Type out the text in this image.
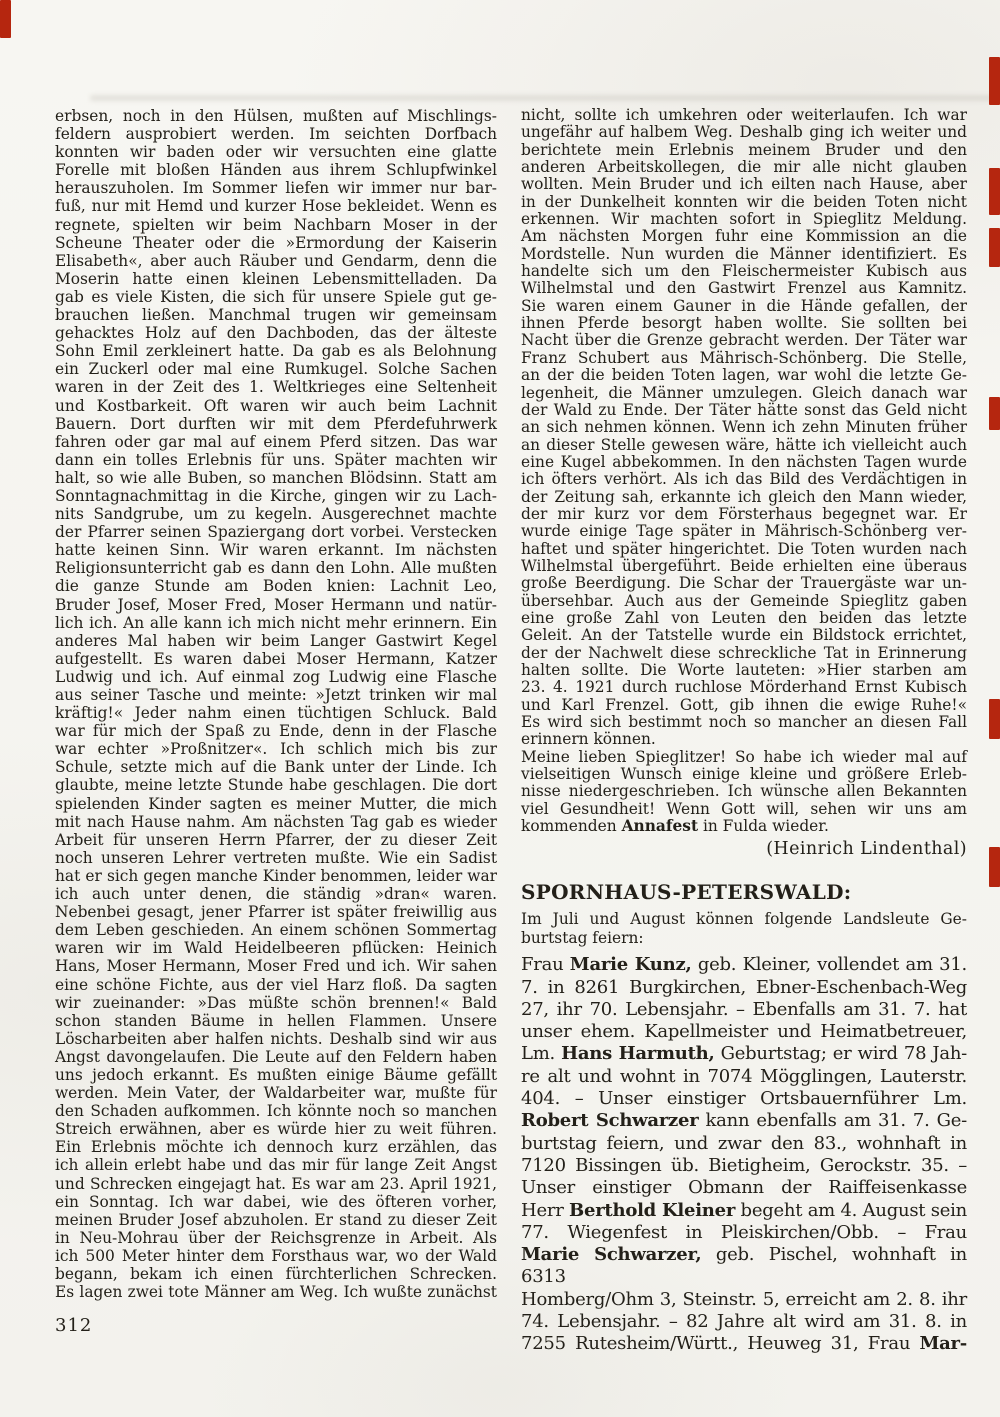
erbsen, noch in den Hülsen, mußten auf Mischlings-
feldern ausprobiert werden. Im seichten Dorfbach
konnten wir baden oder wir versuchten eine glatte
Forelle mit bloßen Händen aus ihrem Schlupfwinkel
herauszuholen. Im Sommer liefen wir immer nur bar-
fuß, nur mit Hemd und kurzer Hose bekleidet. Wenn es
regnete, spielten wir beim Nachbarn Moser in der
Scheune Theater oder die »Ermordung der Kaiserin
Elisabeth«, aber auch Räuber und Gendarm, denn die
Moserin hatte einen kleinen Lebensmittelladen. Da
gab es viele Kisten, die sich für unsere Spiele gut ge-
brauchen ließen. Manchmal trugen wir gemeinsam
gehacktes Holz auf den Dachboden, das der älteste
Sohn Emil zerkleinert hatte. Da gab es als Belohnung
ein Zuckerl oder mal eine Rumkugel. Solche Sachen
waren in der Zeit des 1. Weltkrieges eine Seltenheit
und Kostbarkeit. Oft waren wir auch beim Lachnit
Bauern. Dort durften wir mit dem Pferdefuhrwerk
fahren oder gar mal auf einem Pferd sitzen. Das war
dann ein tolles Erlebnis für uns. Später machten wir
halt, so wie alle Buben, so manchen Blödsinn. Statt am
Sonntagnachmittag in die Kirche, gingen wir zu Lach-
nits Sandgrube, um zu kegeln. Ausgerechnet machte
der Pfarrer seinen Spaziergang dort vorbei. Verstecken
hatte keinen Sinn. Wir waren erkannt. Im nächsten
Religionsunterricht gab es dann den Lohn. Alle mußten
die ganze Stunde am Boden knien: Lachnit Leo,
Bruder Josef, Moser Fred, Moser Hermann und natür-
lich ich. An alle kann ich mich nicht mehr erinnern. Ein
anderes Mal haben wir beim Langer Gastwirt Kegel
aufgestellt. Es waren dabei Moser Hermann, Katzer
Ludwig und ich. Auf einmal zog Ludwig eine Flasche
aus seiner Tasche und meinte: »Jetzt trinken wir mal
kräftig!« Jeder nahm einen tüchtigen Schluck. Bald
war für mich der Spaß zu Ende, denn in der Flasche
war echter »Proßnitzer«. Ich schlich mich bis zur
Schule, setzte mich auf die Bank unter der Linde. Ich
glaubte, meine letzte Stunde habe geschlagen. Die dort
spielenden Kinder sagten es meiner Mutter, die mich
mit nach Hause nahm. Am nächsten Tag gab es wieder
Arbeit für unseren Herrn Pfarrer, der zu dieser Zeit
noch unseren Lehrer vertreten mußte. Wie ein Sadist
hat er sich gegen manche Kinder benommen, leider war
ich auch unter denen, die ständig »dran« waren.
Nebenbei gesagt, jener Pfarrer ist später freiwillig aus
dem Leben geschieden. An einem schönen Sommertag
waren wir im Wald Heidelbeeren pflücken: Heinich
Hans, Moser Hermann, Moser Fred und ich. Wir sahen
eine schöne Fichte, aus der viel Harz floß. Da sagten
wir zueinander: »Das müßte schön brennen!« Bald
schon standen Bäume in hellen Flammen. Unsere
Löscharbeiten aber halfen nichts. Deshalb sind wir aus
Angst davongelaufen. Die Leute auf den Feldern haben
uns jedoch erkannt. Es mußten einige Bäume gefällt
werden. Mein Vater, der Waldarbeiter war, mußte für
den Schaden aufkommen. Ich könnte noch so manchen
Streich erwähnen, aber es würde hier zu weit führen.
Ein Erlebnis möchte ich dennoch kurz erzählen, das
ich allein erlebt habe und das mir für lange Zeit Angst
und Schrecken eingejagt hat. Es war am 23. April 1921,
ein Sonntag. Ich war dabei, wie des öfteren vorher,
meinen Bruder Josef abzuholen. Er stand zu dieser Zeit
in Neu-Mohrau über der Reichsgrenze in Arbeit. Als
ich 500 Meter hinter dem Forsthaus war, wo der Wald
begann, bekam ich einen fürchterlichen Schrecken.
Es lagen zwei tote Männer am Weg. Ich wußte zunächst
nicht, sollte ich umkehren oder weiterlaufen. Ich war
ungefähr auf halbem Weg. Deshalb ging ich weiter und
berichtete mein Erlebnis meinem Bruder und den
anderen Arbeitskollegen, die mir alle nicht glauben
wollten. Mein Bruder und ich eilten nach Hause, aber
in der Dunkelheit konnten wir die beiden Toten nicht
erkennen. Wir machten sofort in Spieglitz Meldung.
Am nächsten Morgen fuhr eine Kommission an die
Mordstelle. Nun wurden die Männer identifiziert. Es
handelte sich um den Fleischermeister Kubisch aus
Wilhelmstal und den Gastwirt Frenzel aus Kamnitz.
Sie waren einem Gauner in die Hände gefallen, der
ihnen Pferde besorgt haben wollte. Sie sollten bei
Nacht über die Grenze gebracht werden. Der Täter war
Franz Schubert aus Mährisch-Schönberg. Die Stelle,
an der die beiden Toten lagen, war wohl die letzte Ge-
legenheit, die Männer umzulegen. Gleich danach war
der Wald zu Ende. Der Täter hätte sonst das Geld nicht
an sich nehmen können. Wenn ich zehn Minuten früher
an dieser Stelle gewesen wäre, hätte ich vielleicht auch
eine Kugel abbekommen. In den nächsten Tagen wurde
ich öfters verhört. Als ich das Bild des Verdächtigen in
der Zeitung sah, erkannte ich gleich den Mann wieder,
der mir kurz vor dem Försterhaus begegnet war. Er
wurde einige Tage später in Mährisch-Schönberg ver-
haftet und später hingerichtet. Die Toten wurden nach
Wilhelmstal übergeführt. Beide erhielten eine überaus
große Beerdigung. Die Schar der Trauergäste war un-
übersehbar. Auch aus der Gemeinde Spieglitz gaben
eine große Zahl von Leuten den beiden das letzte
Geleit. An der Tatstelle wurde ein Bildstock errichtet,
der der Nachwelt diese schreckliche Tat in Erinnerung
halten sollte. Die Worte lauteten: »Hier starben am
23. 4. 1921 durch ruchlose Mörderhand Ernst Kubisch
und Karl Frenzel. Gott, gib ihnen die ewige Ruhe!«
Es wird sich bestimmt noch so mancher an diesen Fall
erinnern können.
Meine lieben Spieglitzer! So habe ich wieder mal auf
vielseitigen Wunsch einige kleine und größere Erleb-
nisse niedergeschrieben. Ich wünsche allen Bekannten
viel Gesundheit! Wenn Gott will, sehen wir uns am
kommenden Annafest in Fulda wieder.
(Heinrich Lindenthal)
SPORNHAUS-PETERSWALD:
Im Juli und August können folgende Landsleute Ge-
burtstag feiern:
Frau Marie Kunz, geb. Kleiner, vollendet am 31.
7. in 8261 Burgkirchen, Ebner-Eschenbach-Weg
27, ihr 70. Lebensjahr. – Ebenfalls am 31. 7. hat
unser ehem. Kapellmeister und Heimatbetreuer,
Lm. Hans Harmuth, Geburtstag; er wird 78 Jah-
re alt und wohnt in 7074 Mögglingen, Lauterstr.
404. – Unser einstiger Ortsbauernführer Lm.
Robert Schwarzer kann ebenfalls am 31. 7. Ge-
burtstag feiern, und zwar den 83., wohnhaft in
7120 Bissingen üb. Bietigheim, Gerockstr. 35. –
Unser einstiger Obmann der Raiffeisenkasse
Herr Berthold Kleiner begeht am 4. August sein
77. Wiegenfest in Pleiskirchen/Obb. – Frau
Marie Schwarzer, geb. Pischel, wohnhaft in 6313
Homberg/Ohm 3, Steinstr. 5, erreicht am 2. 8. ihr
74. Lebensjahr. – 82 Jahre alt wird am 31. 8. in
7255 Rutesheim/Württ., Heuweg 31, Frau Mar-
312
